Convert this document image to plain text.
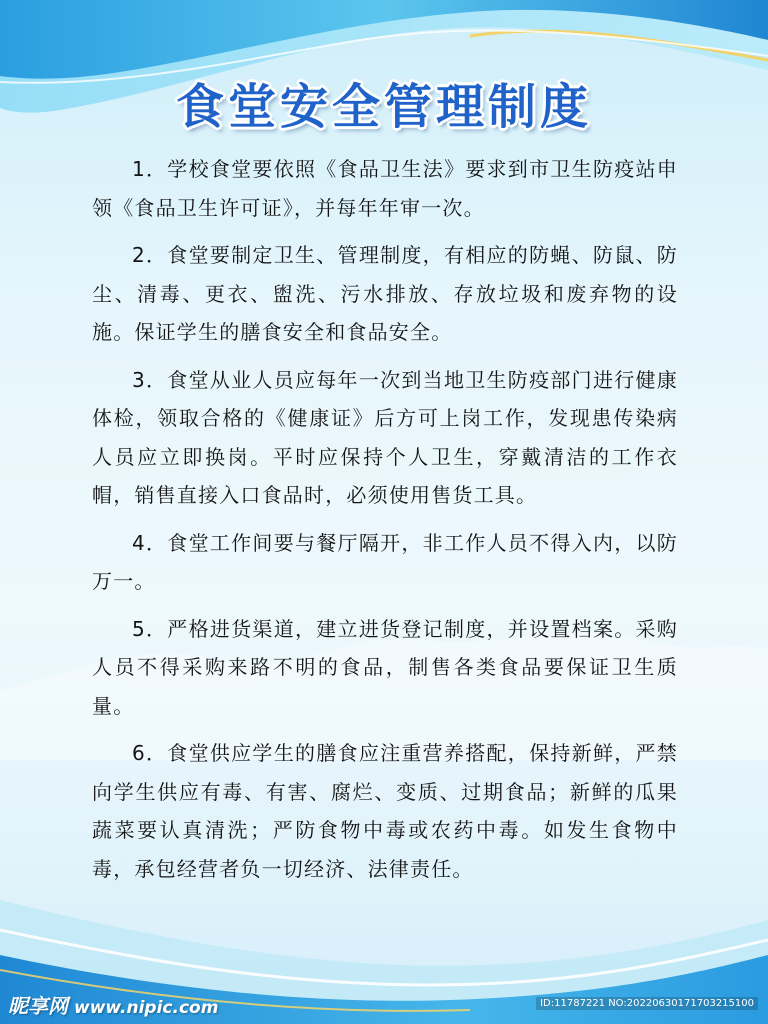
食堂安全管理制度

1．学校食堂要依照《食品卫生法》要求到市卫生防疫站申领《食品卫生许可证》，并每年年审一次。

2．食堂要制定卫生、管理制度，有相应的防蝇、防鼠、防尘、清毒、更衣、盥洗、污水排放、存放垃圾和废弃物的设施。保证学生的膳食安全和食品安全。

3．食堂从业人员应每年一次到当地卫生防疫部门进行健康体检，领取合格的《健康证》后方可上岗工作，发现患传染病人员应立即换岗。平时应保持个人卫生，穿戴清洁的工作衣帽，销售直接入口食品时，必须使用售货工具。

4．食堂工作间要与餐厅隔开，非工作人员不得入内，以防万一。

5．严格进货渠道，建立进货登记制度，并设置档案。采购人员不得采购来路不明的食品，制售各类食品要保证卫生质量。

6．食堂供应学生的膳食应注重营养搭配，保持新鲜，严禁向学生供应有毒、有害、腐烂、变质、过期食品；新鲜的瓜果蔬菜要认真清洗；严防食物中毒或农药中毒。如发生食物中毒，承包经营者负一切经济、法律责任。

昵享网 www.nipic.com	ID:11787221 NO:20220630171703215100
